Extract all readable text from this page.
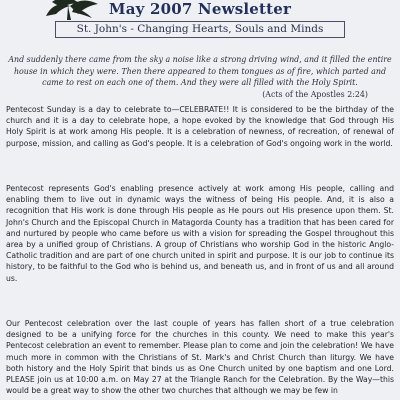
May 2007 Newsletter
St. John's - Changing Hearts, Souls and Minds
And suddenly there came from the sky a noise like a strong driving wind, and it filled the entire house in which they were. Then there appeared to them tongues as of fire, which parted and came to rest on each one of them. And they were all filled with the Holy Spirit.
(Acts of the Apostles 2:24)

Pentecost Sunday is a day to celebrate to—CELEBRATE!! It is considered to be the birthday of the church and it is a day to celebrate hope, a hope evoked by the knowledge that God through His Holy Spirit is at work among His people. It is a celebration of newness, of recreation, of renewal of purpose, mission, and calling as God's people. It is a celebration of God's ongoing work in the world.

Pentecost represents God's enabling presence actively at work among His people, calling and enabling them to live out in dynamic ways the witness of being His people. And, it is also a recognition that His work is done through His people as He pours out His presence upon them. St. John's Church and the Episcopal Church in Matagorda County has a tradition that has been cared for and nurtured by people who came before us with a vision for spreading the Gospel throughout this area by a unified group of Christians. A group of Christians who worship God in the historic Anglo-Catholic tradition and are part of one church united in spirit and purpose. It is our job to continue its history, to be faithful to the God who is behind us, and beneath us, and in front of us and all around us.

Our Pentecost celebration over the last couple of years has fallen short of a true celebration designed to be a unifying force for the churches in this county. We need to make this year's Pentecost celebration an event to remember. Please plan to come and join the celebration! We have much more in common with the Christians of St. Mark's and Christ Church than liturgy. We have both history and the Holy Spirit that binds us as One Church united by one baptism and one Lord. PLEASE join us at 10:00 a.m. on May 27 at the Triangle Ranch for the Celebration. By the Way—this would be a great way to show the other two churches that although we may be few in
